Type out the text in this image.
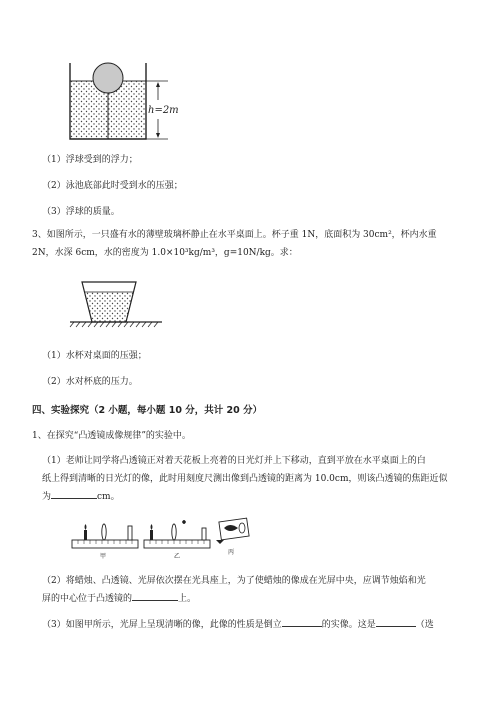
h=2m

（1）浮球受到的浮力；

（2）泳池底部此时受到水的压强；

（3）浮球的质量。

3、如图所示，一只盛有水的薄壁玻璃杯静止在水平桌面上。杯子重 1N，底面积为 30cm²，杯内水重
2N，水深 6cm，水的密度为 1.0×10³kg/m³，g=10N/kg。求：

（1）水杯对桌面的压强；

（2）水对杯底的压力。

四、实验探究（2 小题，每小题 10 分，共计 20 分）

1、在探究“凸透镜成像规律”的实验中。

（1）老师让同学将凸透镜正对着天花板上亮着的日光灯并上下移动，直到平放在水平桌面上的白
纸上得到清晰的日光灯的像，此时用刻度尺测出像到凸透镜的距离为 10.0cm，则该凸透镜的焦距近似
为	cm。

甲	乙
丙

（2）将蜡烛、凸透镜、光屏依次摆在光具座上，为了使蜡烛的像成在光屏中央，应调节烛焰和光
屏的中心位于凸透镜的	上。

（3）如图甲所示，光屏上呈现清晰的像，此像的性质是倒立	的实像。这是	（选
